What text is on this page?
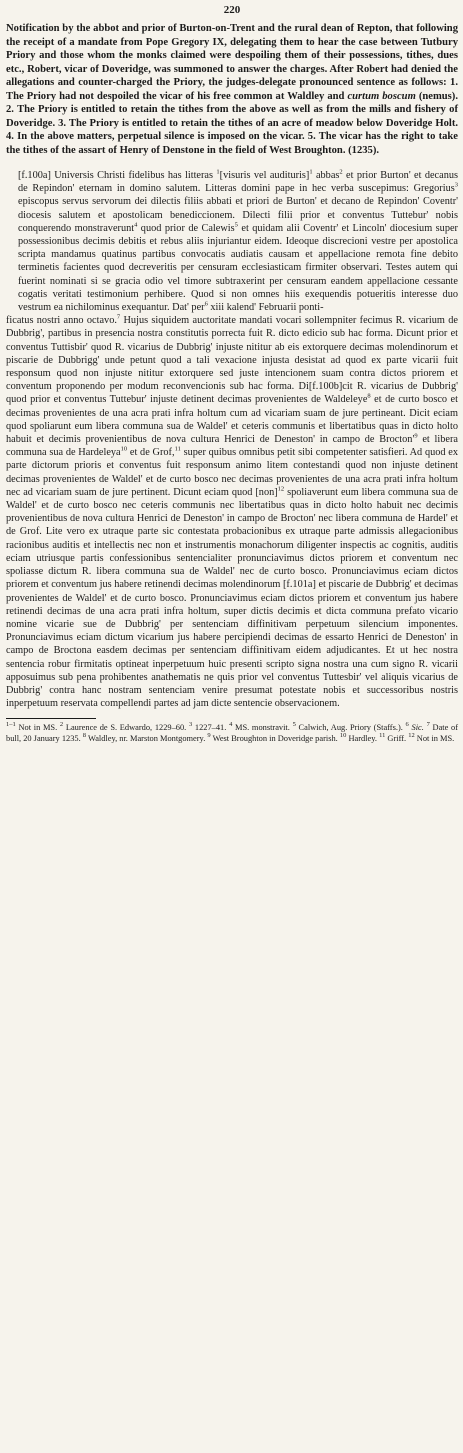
220
Notification by the abbot and prior of Burton-on-Trent and the rural dean of Repton, that following the receipt of a mandate from Pope Gregory IX, delegating them to hear the case between Tutbury Priory and those whom the monks claimed were despoiling them of their possessions, tithes, dues etc., Robert, vicar of Doveridge, was summoned to answer the charges. After Robert had denied the allegations and counter-charged the Priory, the judges-delegate pronounced sentence as follows: 1. The Priory had not despoiled the vicar of his free common at Waldley and curtum boscum (nemus). 2. The Priory is entitled to retain the tithes from the above as well as from the mills and fishery of Doveridge. 3. The Priory is entitled to retain the tithes of an acre of meadow below Doveridge Holt. 4. In the above matters, perpetual silence is imposed on the vicar. 5. The vicar has the right to take the tithes of the assart of Henry of Denstone in the field of West Broughton. (1235).

[f.100a] Universis Christi fidelibus has litteras $^1$[visuris vel audituris]$^1$ abbas$^2$ et prior Burton' et decanus de Repindon' eternam in domino salutem. Litteras domini pape in hec verba suscepimus: Gregorius$^3$ episcopus servus servorum dei dilectis filiis abbati et priori de Burton' et decano de Repindon' Coventr' diocesis salutem et apostolicam benediccionem. Dilecti filii prior et conventus Tuttebur' nobis conquerendo monstraverunt$^4$ quod prior de Calewis$^5$ et quidam alii Coventr' et Lincoln' diocesium super possessionibus decimis debitis et rebus aliis injuriantur eidem. Ideoque discrecioni vestre per apostolica scripta mandamus quatinus partibus convocatis audiatis causam et appellacione remota fine debito terminetis facientes quod decreveritis per censuram ecclesiasticam firmiter observari. Testes autem qui fuerint nominati si se gracia odio vel timore subtraxerint per censuram eandem appellacione cessante cogatis veritati testimonium perhibere. Quod si non omnes hiis exequendis potueritis interesse duo vestrum ea nichilominus exequantur. Dat' per$^6$ xiii kalend' Februarii ponti-

ficatus nostri anno octavo.$^7$ Hujus siquidem auctoritate mandati vocari sollempniter fecimus R. vicarium de Dubbrig', partibus in presencia nostra constitutis porrecta fuit R. dicto edicio sub hac forma. Dicunt prior et conventus Tuttisbir' quod R. vicarius de Dubbrig' injuste nititur ab eis extorquere decimas molendinorum et piscarie de Dubbrigg' unde petunt quod a tali vexacione injusta desistat ad quod ex parte vicarii fuit responsum quod non injuste nititur extorquere sed juste intencionem suam contra dictos priorem et conventum proponendo per modum reconvencionis sub hac forma. Di[f.100b]cit R. vicarius de Dubbrig' quod prior et conventus Tuttebur' injuste detinent decimas provenientes de Waldeleye$^8$ et de curto bosco et decimas provenientes de una acra prati infra holtum cum ad vicariam suam de jure pertineant. Dicit eciam quod spoliarunt eum libera communa sua de Waldel' et ceteris communis et libertatibus quas in dicto holto habuit et decimis provenientibus de nova cultura Henrici de Deneston' in campo de $Brocton'^9$ et libera communa sua de Hardeleya$^{10}$ et de Grof,$^{11}$ super quibus omnibus petit sibi competenter satisfieri. Ad quod ex parte dictorum prioris et conventus fuit responsum animo litem contestandi quod non injuste detinent decimas provenientes de Waldel' et de curto bosco nec decimas provenientes de una acra prati infra holtum nec ad vicariam suam de jure pertinent. Dicunt eciam quod [non]$^{12}$ spoliaverunt eum libera communa sua de Waldel' et de curto bosco nec ceteris communis nec libertatibus quas in dicto holto habuit nec decimis provenientibus de nova cultura Henrici de Deneston' in campo de Brocton' nec libera communa de Hardel' et de Grof. Lite vero ex utraque parte sic contestata probacionibus ex utraque parte admissis allegacionibus racionibus auditis et intellectis nec non et instrumentis monachorum diligenter inspectis ac cognitis, auditis eciam utriusque partis confessionibus sentencialiter pronunciavimus dictos priorem et conventum nec spoliasse dictum R. libera communa sua de Waldel' nec de curto bosco. Pronunciavimus eciam dictos priorem et conventum jus habere retinendi decimas molendinorum [f.101a] et piscarie de Dubbrig' et decimas provenientes de Waldel' et de curto bosco. Pronunciavimus eciam dictos priorem et conventum jus habere retinendi decimas de una acra prati infra holtum, super dictis decimis et dicta communa prefato vicario nomine vicarie sue de Dubbrig' per sentenciam diffinitivam perpetuum silencium imponentes. Pronunciavimus eciam dictum vicarium jus habere percipiendi decimas de essarto Henrici de Deneston' in campo de Broctona easdem decimas per sentenciam diffinitivam eidem adjudicantes. Et ut hec nostra sentencia robur firmitatis optineat inperpetuum huic presenti scripto signa nostra una cum signo R. vicarii apposuimus sub pena prohibentes anathematis ne quis prior vel conventus Tuttesbir' vel aliquis vicarius de Dubbrig' contra hanc nostram sentenciam venire presumat potestate nobis et successoribus nostris inperpetuum reservata compellendi partes ad jam dicte sentencie observacionem.

$^{1-1}$ Not in MS. $^2$ Laurence de S. Edwardo, 1229–60. $^3$ 1227–41. $^4$ MS. monstravit. $^5$ Calwich, Aug. Priory (Staffs.). $^6$ Sic. $^7$ Date of bull, 20 January 1235. $^8$ Waldley, nr. Marston Montgomery. $^9$ West Broughton in Doveridge parish. $^{10}$ Hardley. $^{11}$ Griff. $^{12}$ Not in MS.
